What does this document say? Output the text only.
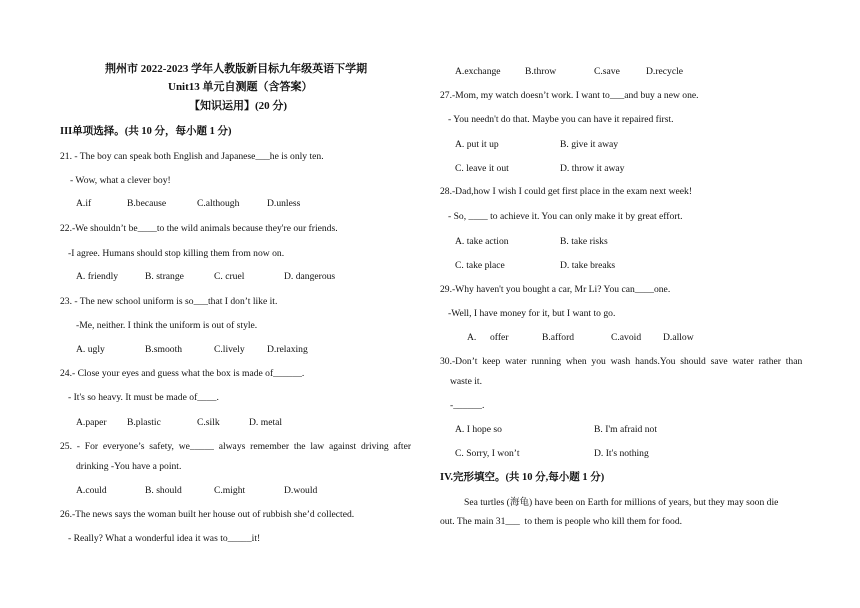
荆州市 2022-2023 学年人教版新目标九年级英语下学期
Unit13 单元自测题（含答案）
【知识运用】(20 分)
III单项选择。(共 10 分，每小题 1 分)
21. - The boy can speak both English and Japanese___he is only ten.
- Wow, what a clever boy!
A.if	B.because	C.although	D.unless
22.-We shouldn’t be____to the wild animals because they're our friends.
-I agree. Humans should stop killing them from now on.
A. friendly	B. strange	C. cruel	D. dangerous
23. - The new school uniform is so___that I don’t like it.
-Me, neither. I think the uniform is out of style.
A. ugly	B.smooth	C.lively D.relaxing
24.- Close your eyes and guess what the box is made of______.
- It's so heavy. It must be made of____.
A.paper B.plastic	C.silk	D. metal
25.  -  For  everyone’s  safety,  we_____  always  remember  the  law  against  driving  after
drinking -You have a point.
A.could	B. should	C.might	D.would
26.-The news says the woman built her house out of rubbish she’d collected.
- Really? What a wonderful idea it was to_____it!
A.exchange	B.throw	C.save	D.recycle
27.-Mom, my watch doesn’t work. I want to___and buy a new one.
- You needn't do that. Maybe you can have it repaired first.
A. put it up	B. give it away
C. leave it out	D. throw it away
28.-Dad,how I wish I could get first place in the exam next week!
- So, ____ to achieve it. You can only make it by great effort.
A. take action	B. take risks
C. take place	D. take breaks
29.-Why haven't you bought a car, Mr Li? You can____one.
-Well, I have money for it, but I want to go.
A. offer	B.afford	C.avoid D.allow
30.-Don’t  keep  water  running  when  you  wash  hands.You  should  save  water  rather  than
waste it.
-______.
A. I hope so	B. I'm afraid not
C. Sorry, I won’t	D. It's nothing
IV.完形填空。(共 10 分,每小题 1 分)
Sea turtles (海龟) have been on Earth for millions of years, but they may soon die
out. The main 31___  to them is people who kill them for food.
